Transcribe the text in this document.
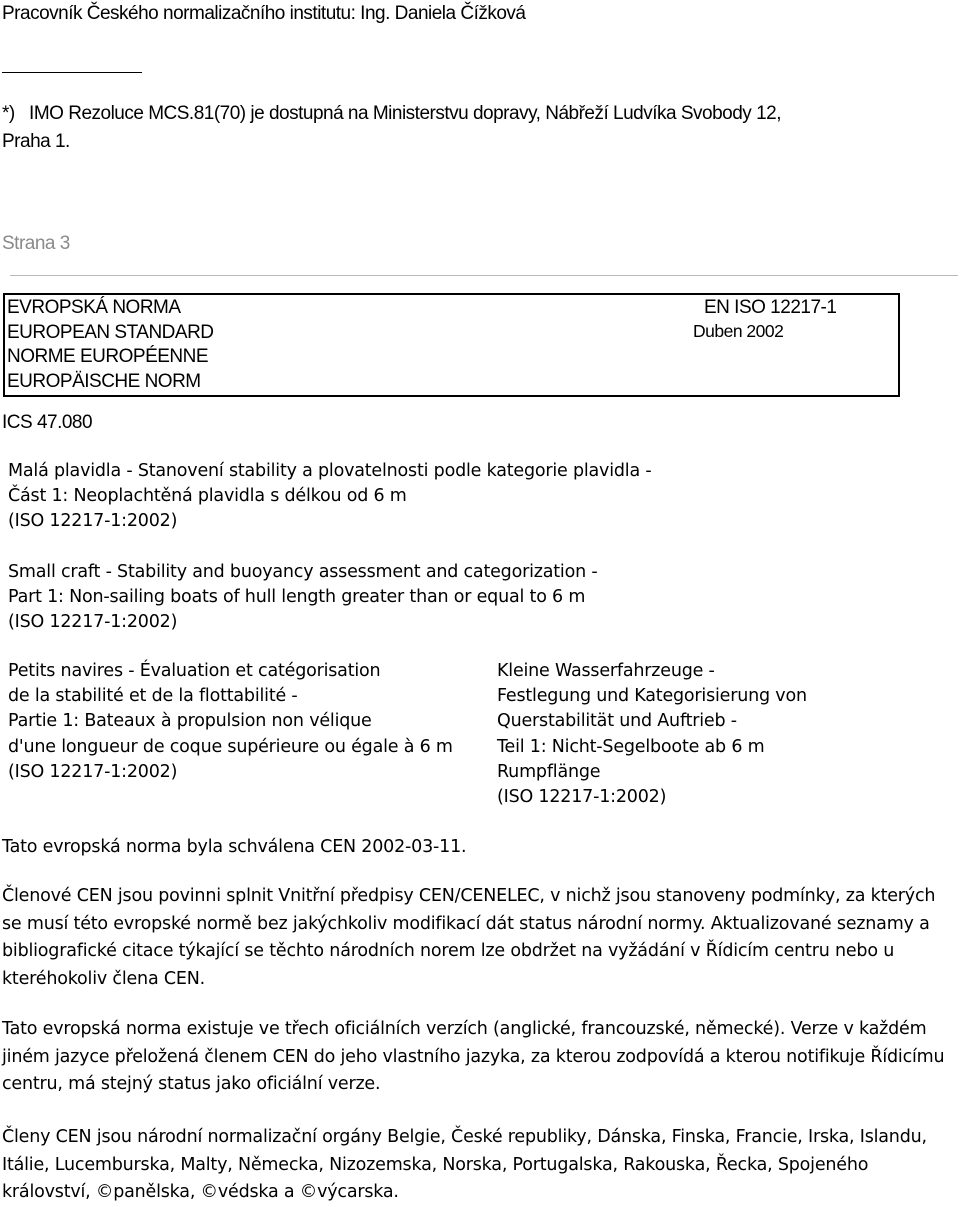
Pracovník Českého normalizačního institutu: Ing. Daniela Čížková
*)   IMO Rezoluce MCS.81(70) je dostupná na Ministerstvu dopravy, Nábřeží Ludvíka Svobody 12,
Praha 1.
Strana 3
EVROPSKÁ NORMA
EUROPEAN STANDARD
NORME EUROPÉENNE
EUROPÄISCHE NORM
EN ISO 12217-1
Duben 2002
ICS 47.080

Malá plavidla - Stanovení stability a plovatelnosti podle kategorie plavidla -

Část 1: Neoplachtěná plavidla s délkou od 6 m

(ISO 12217-1:2002)

Small craft - Stability and buoyancy assessment and categorization -

Part 1: Non-sailing boats of hull length greater than or equal to 6 m

(ISO 12217-1:2002)

Petits navires - Évaluation et catégorisation

de la stabilité et de la flottabilité -

Partie 1: Bateaux à propulsion non vélique

d'une longueur de coque supérieure ou égale à 6 m

(ISO 12217-1:2002)

Kleine Wasserfahrzeuge -

Festlegung und Kategorisierung von

Querstabilität und Auftrieb -

Teil 1: Nicht-Segelboote ab 6 m

Rumpflänge

(ISO 12217-1:2002)

Tato evropská norma byla schválena CEN 2002-03-11.

Členové CEN jsou povinni splnit Vnitřní předpisy CEN/CENELEC, v nichž jsou stanoveny podmínky, za kterých se musí této evropské normě bez jakýchkoliv modifikací dát status národní normy. Aktualizované seznamy a bibliografické citace týkající se těchto národních norem lze obdržet na vyžádání v Řídicím centru nebo u kteréhokoliv člena CEN.

Tato evropská norma existuje ve třech oficiálních verzích (anglické, francouzské, německé). Verze v každém jiném jazyce přeložená členem CEN do jeho vlastního jazyka, za kterou zodpovídá a kterou notifikuje Řídicímu centru, má stejný status jako oficiální verze.

Členy CEN jsou národní normalizační orgány Belgie, České republiky, Dánska, Finska, Francie, Irska, Islandu, Itálie, Lucemburska, Malty, Německa, Nizozemska, Norska, Portugalska, Rakouska, Řecka, Spojeného království, ©panělska, ©védska a ©výcarska.
